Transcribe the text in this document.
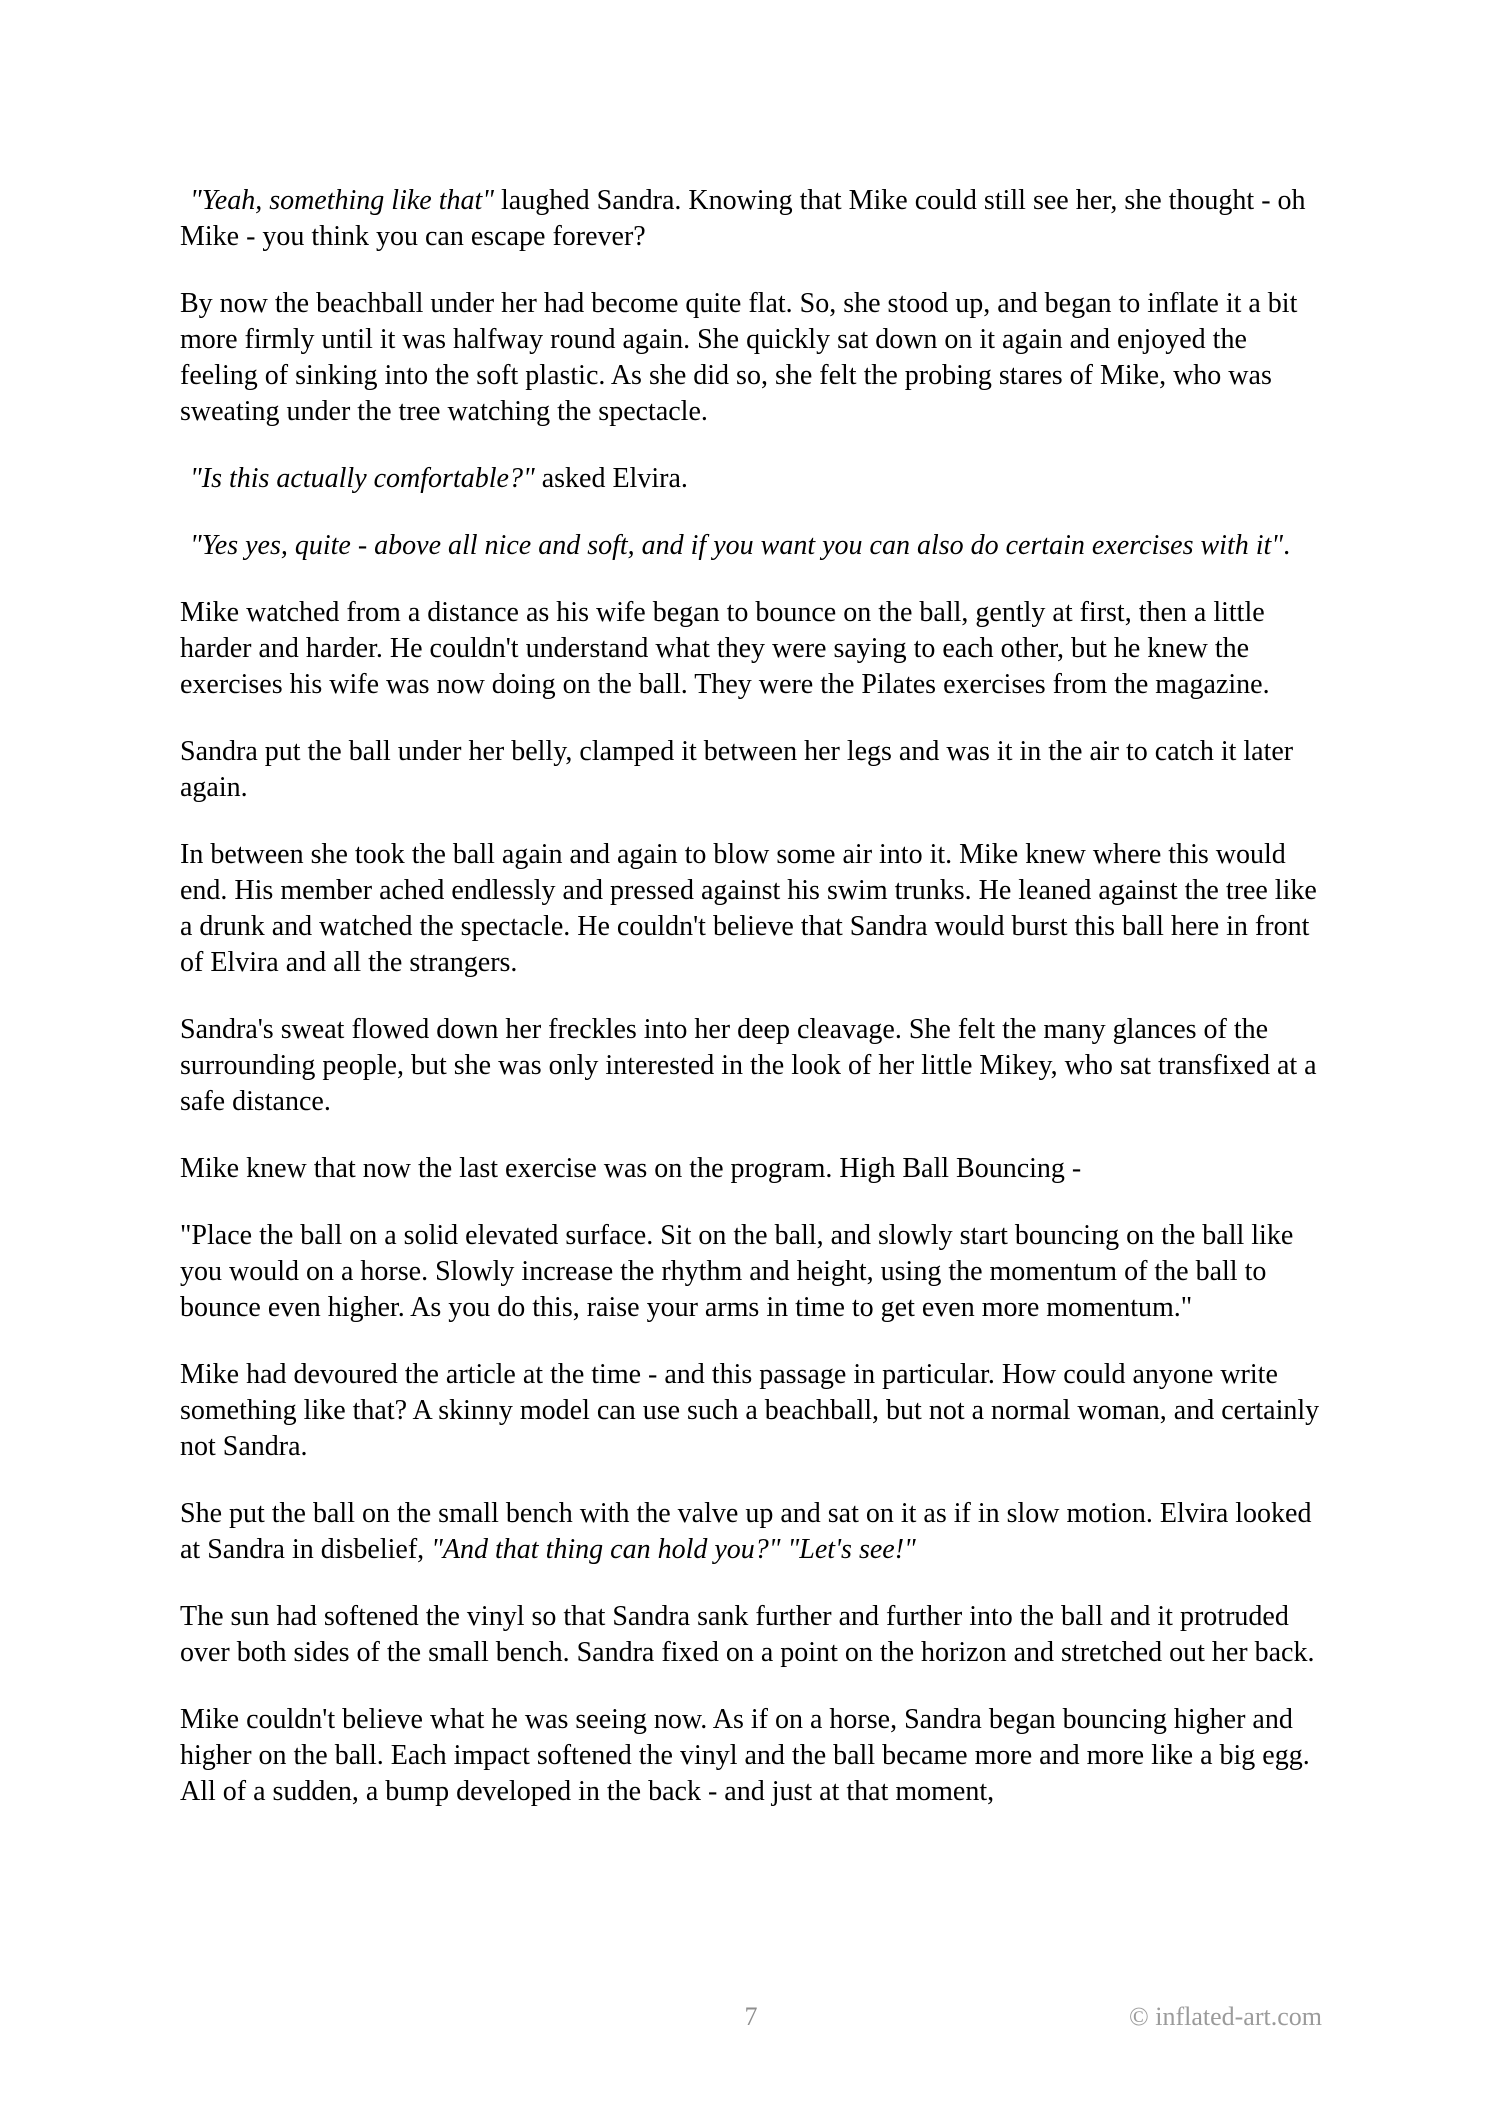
"Yeah, something like that" laughed Sandra. Knowing that Mike could still see her, she thought - oh Mike - you think you can escape forever?

By now the beachball under her had become quite flat. So, she stood up, and began to inflate it a bit more firmly until it was halfway round again. She quickly sat down on it again and enjoyed the feeling of sinking into the soft plastic. As she did so, she felt the probing stares of Mike, who was sweating under the tree watching the spectacle.

"Is this actually comfortable?" asked Elvira.

"Yes yes, quite - above all nice and soft, and if you want you can also do certain exercises with it".

Mike watched from a distance as his wife began to bounce on the ball, gently at first, then a little harder and harder. He couldn't understand what they were saying to each other, but he knew the exercises his wife was now doing on the ball. They were the Pilates exercises from the magazine.

Sandra put the ball under her belly, clamped it between her legs and was it in the air to catch it later again.

In between she took the ball again and again to blow some air into it. Mike knew where this would end. His member ached endlessly and pressed against his swim trunks. He leaned against the tree like a drunk and watched the spectacle. He couldn't believe that Sandra would burst this ball here in front of Elvira and all the strangers.

Sandra's sweat flowed down her freckles into her deep cleavage. She felt the many glances of the surrounding people, but she was only interested in the look of her little Mikey, who sat transfixed at a safe distance.

Mike knew that now the last exercise was on the program. High Ball Bouncing -

"Place the ball on a solid elevated surface. Sit on the ball, and slowly start bouncing on the ball like you would on a horse. Slowly increase the rhythm and height, using the momentum of the ball to bounce even higher. As you do this, raise your arms in time to get even more momentum."

Mike had devoured the article at the time - and this passage in particular. How could anyone write something like that? A skinny model can use such a beachball, but not a normal woman, and certainly not Sandra.

She put the ball on the small bench with the valve up and sat on it as if in slow motion. Elvira looked at Sandra in disbelief, "And that thing can hold you?" "Let's see!"

The sun had softened the vinyl so that Sandra sank further and further into the ball and it protruded over both sides of the small bench. Sandra fixed on a point on the horizon and stretched out her back.

Mike couldn't believe what he was seeing now. As if on a horse, Sandra began bouncing higher and higher on the ball. Each impact softened the vinyl and the ball became more and more like a big egg. All of a sudden, a bump developed in the back - and just at that moment,

7	© inflated-art.com
